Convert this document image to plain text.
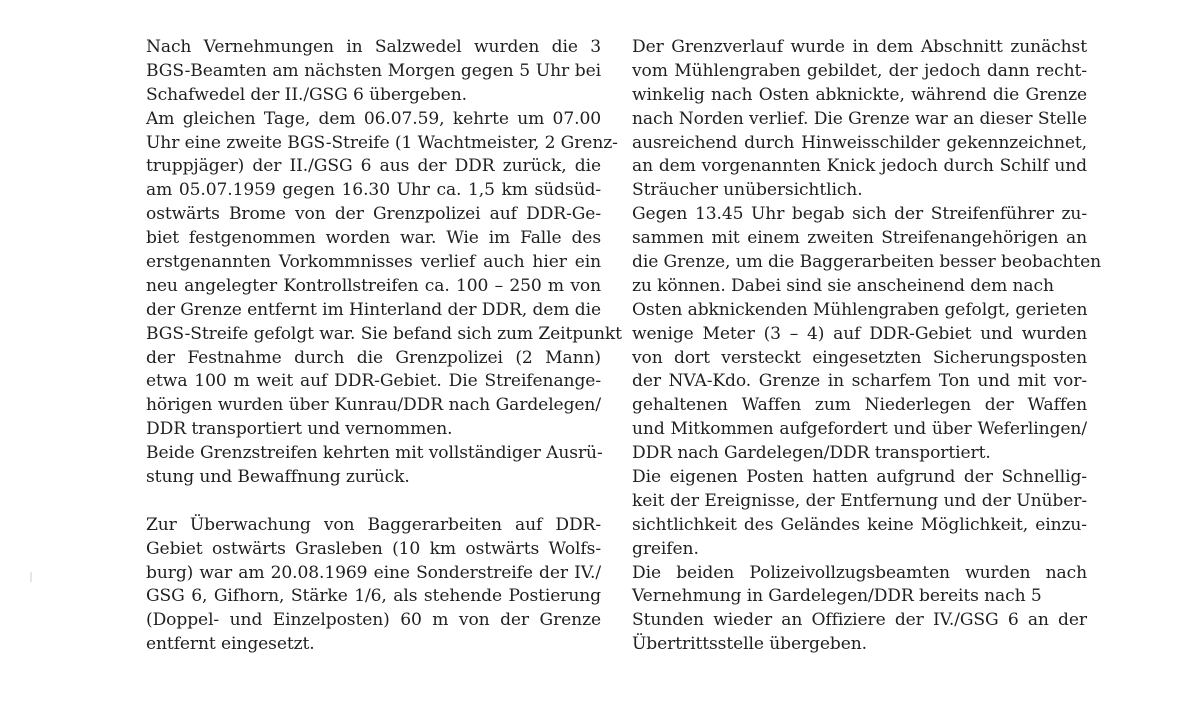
Nach Vernehmungen in Salzwedel wurden die 3
BGS-Beamten am nächsten Morgen gegen 5 Uhr bei
Schafwedel der II./GSG 6 übergeben.
Am gleichen Tage, dem 06.07.59, kehrte um 07.00
Uhr eine zweite BGS-Streife (1 Wachtmeister, 2 Grenz-
truppjäger) der II./GSG 6 aus der DDR zurück, die
am 05.07.1959 gegen 16.30 Uhr ca. 1,5 km südsüd-
ostwärts Brome von der Grenzpolizei auf DDR-Ge-
biet festgenommen worden war. Wie im Falle des
erstgenannten Vorkommnisses verlief auch hier ein
neu angelegter Kontrollstreifen ca. 100 – 250 m von
der Grenze entfernt im Hinterland der DDR, dem die
BGS-Streife gefolgt war. Sie befand sich zum Zeitpunkt
der Festnahme durch die Grenzpolizei (2 Mann)
etwa 100 m weit auf DDR-Gebiet. Die Streifenange-
hörigen wurden über Kunrau/DDR nach Gardelegen/
DDR transportiert und vernommen.
Beide Grenzstreifen kehrten mit vollständiger Ausrü-
stung und Bewaffnung zurück.
Zur Überwachung von Baggerarbeiten auf DDR-
Gebiet ostwärts Grasleben (10 km ostwärts Wolfs-
burg) war am 20.08.1969 eine Sonderstreife der IV./
GSG 6, Gifhorn, Stärke 1/6, als stehende Postierung
(Doppel- und Einzelposten) 60 m von der Grenze
entfernt eingesetzt.
Der Grenzverlauf wurde in dem Abschnitt zunächst
vom Mühlengraben gebildet, der jedoch dann recht-
winkelig nach Osten abknickte, während die Grenze
nach Norden verlief. Die Grenze war an dieser Stelle
ausreichend durch Hinweisschilder gekennzeichnet,
an dem vorgenannten Knick jedoch durch Schilf und
Sträucher unübersichtlich.
Gegen 13.45 Uhr begab sich der Streifenführer zu-
sammen mit einem zweiten Streifenangehörigen an
die Grenze, um die Baggerarbeiten besser beobachten
zu können. Dabei sind sie anscheinend dem nach
Osten abknickenden Mühlengraben gefolgt, gerieten
wenige Meter (3 – 4) auf DDR-Gebiet und wurden
von dort versteckt eingesetzten Sicherungsposten
der NVA-Kdo. Grenze in scharfem Ton und mit vor-
gehaltenen Waffen zum Niederlegen der Waffen
und Mitkommen aufgefordert und über Weferlingen/
DDR nach Gardelegen/DDR transportiert.
Die eigenen Posten hatten aufgrund der Schnellig-
keit der Ereignisse, der Entfernung und der Unüber-
sichtlichkeit des Geländes keine Möglichkeit, einzu-
greifen.
Die beiden Polizeivollzugsbeamten wurden nach
Vernehmung in Gardelegen/DDR bereits nach 5
Stunden wieder an Offiziere der IV./GSG 6 an der
Übertrittsstelle übergeben.
